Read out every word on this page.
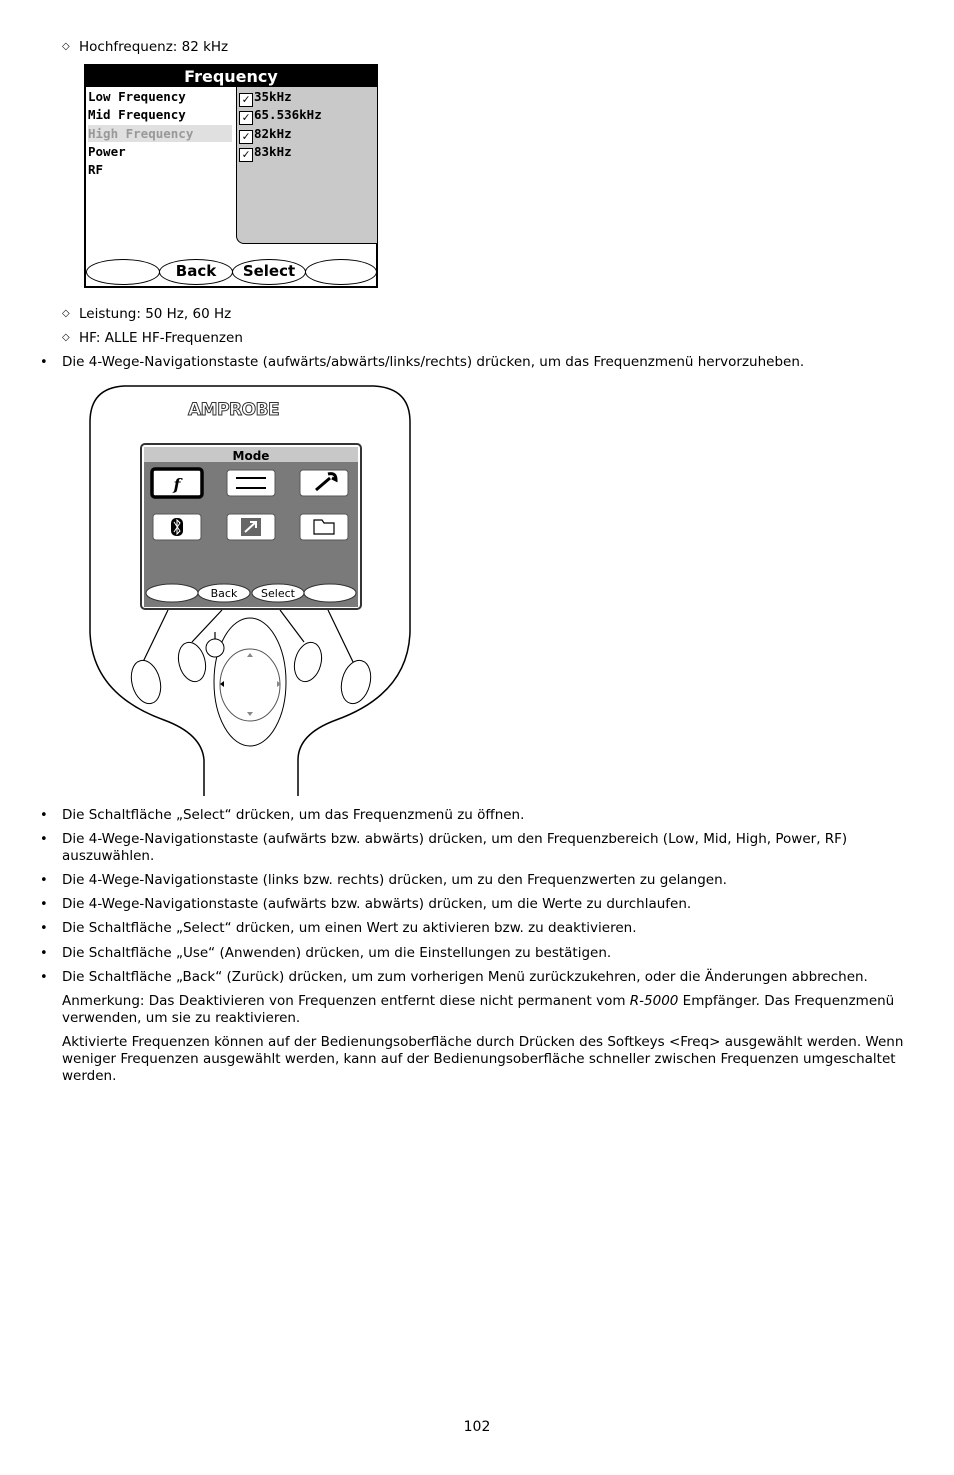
◇ Hochfrequenz: 82 kHz
Frequency
Low Frequency
Mid Frequency
High Frequency
Power
RF
✓ 35kHz
✓ 65.536kHz
✓ 82kHz
✓ 83kHz
Back	Select
◇ Leistung: 50 Hz, 60 Hz
◇ HF: ALLE HF-Frequenzen
• Die 4-Wege-Navigationstaste (aufwärts/abwärts/links/rechts) drücken, um das Frequenzmenü hervorzuheben.
f
AMPROBE
Mode
Back	Select
• Die Schaltfläche „Select“ drücken, um das Frequenzmenü zu öffnen.
• Die 4-Wege-Navigationstaste (aufwärts bzw. abwärts) drücken, um den Frequenzbereich (Low, Mid, High, Power, RF) auszuwählen.
• Die 4-Wege-Navigationstaste (links bzw. rechts) drücken, um zu den Frequenzwerten zu gelangen.
• Die 4-Wege-Navigationstaste (aufwärts bzw. abwärts) drücken, um die Werte zu durchlaufen.
• Die Schaltfläche „Select“ drücken, um einen Wert zu aktivieren bzw. zu deaktivieren.
• Die Schaltfläche „Use“ (Anwenden) drücken, um die Einstellungen zu bestätigen.
• Die Schaltfläche „Back“ (Zurück) drücken, um zum vorherigen Menü zurückzukehren, oder die Änderungen abbrechen.
Anmerkung: Das Deaktivieren von Frequenzen entfernt diese nicht permanent vom R-5000 Empfänger. Das Frequenzmenü verwenden, um sie zu reaktivieren.
Aktivierte Frequenzen können auf der Bedienungsoberfläche durch Drücken des Softkeys <Freq> ausgewählt werden. Wenn weniger Frequenzen ausgewählt werden, kann auf der Bedienungsoberfläche schneller zwischen Frequenzen umgeschaltet werden.
102
